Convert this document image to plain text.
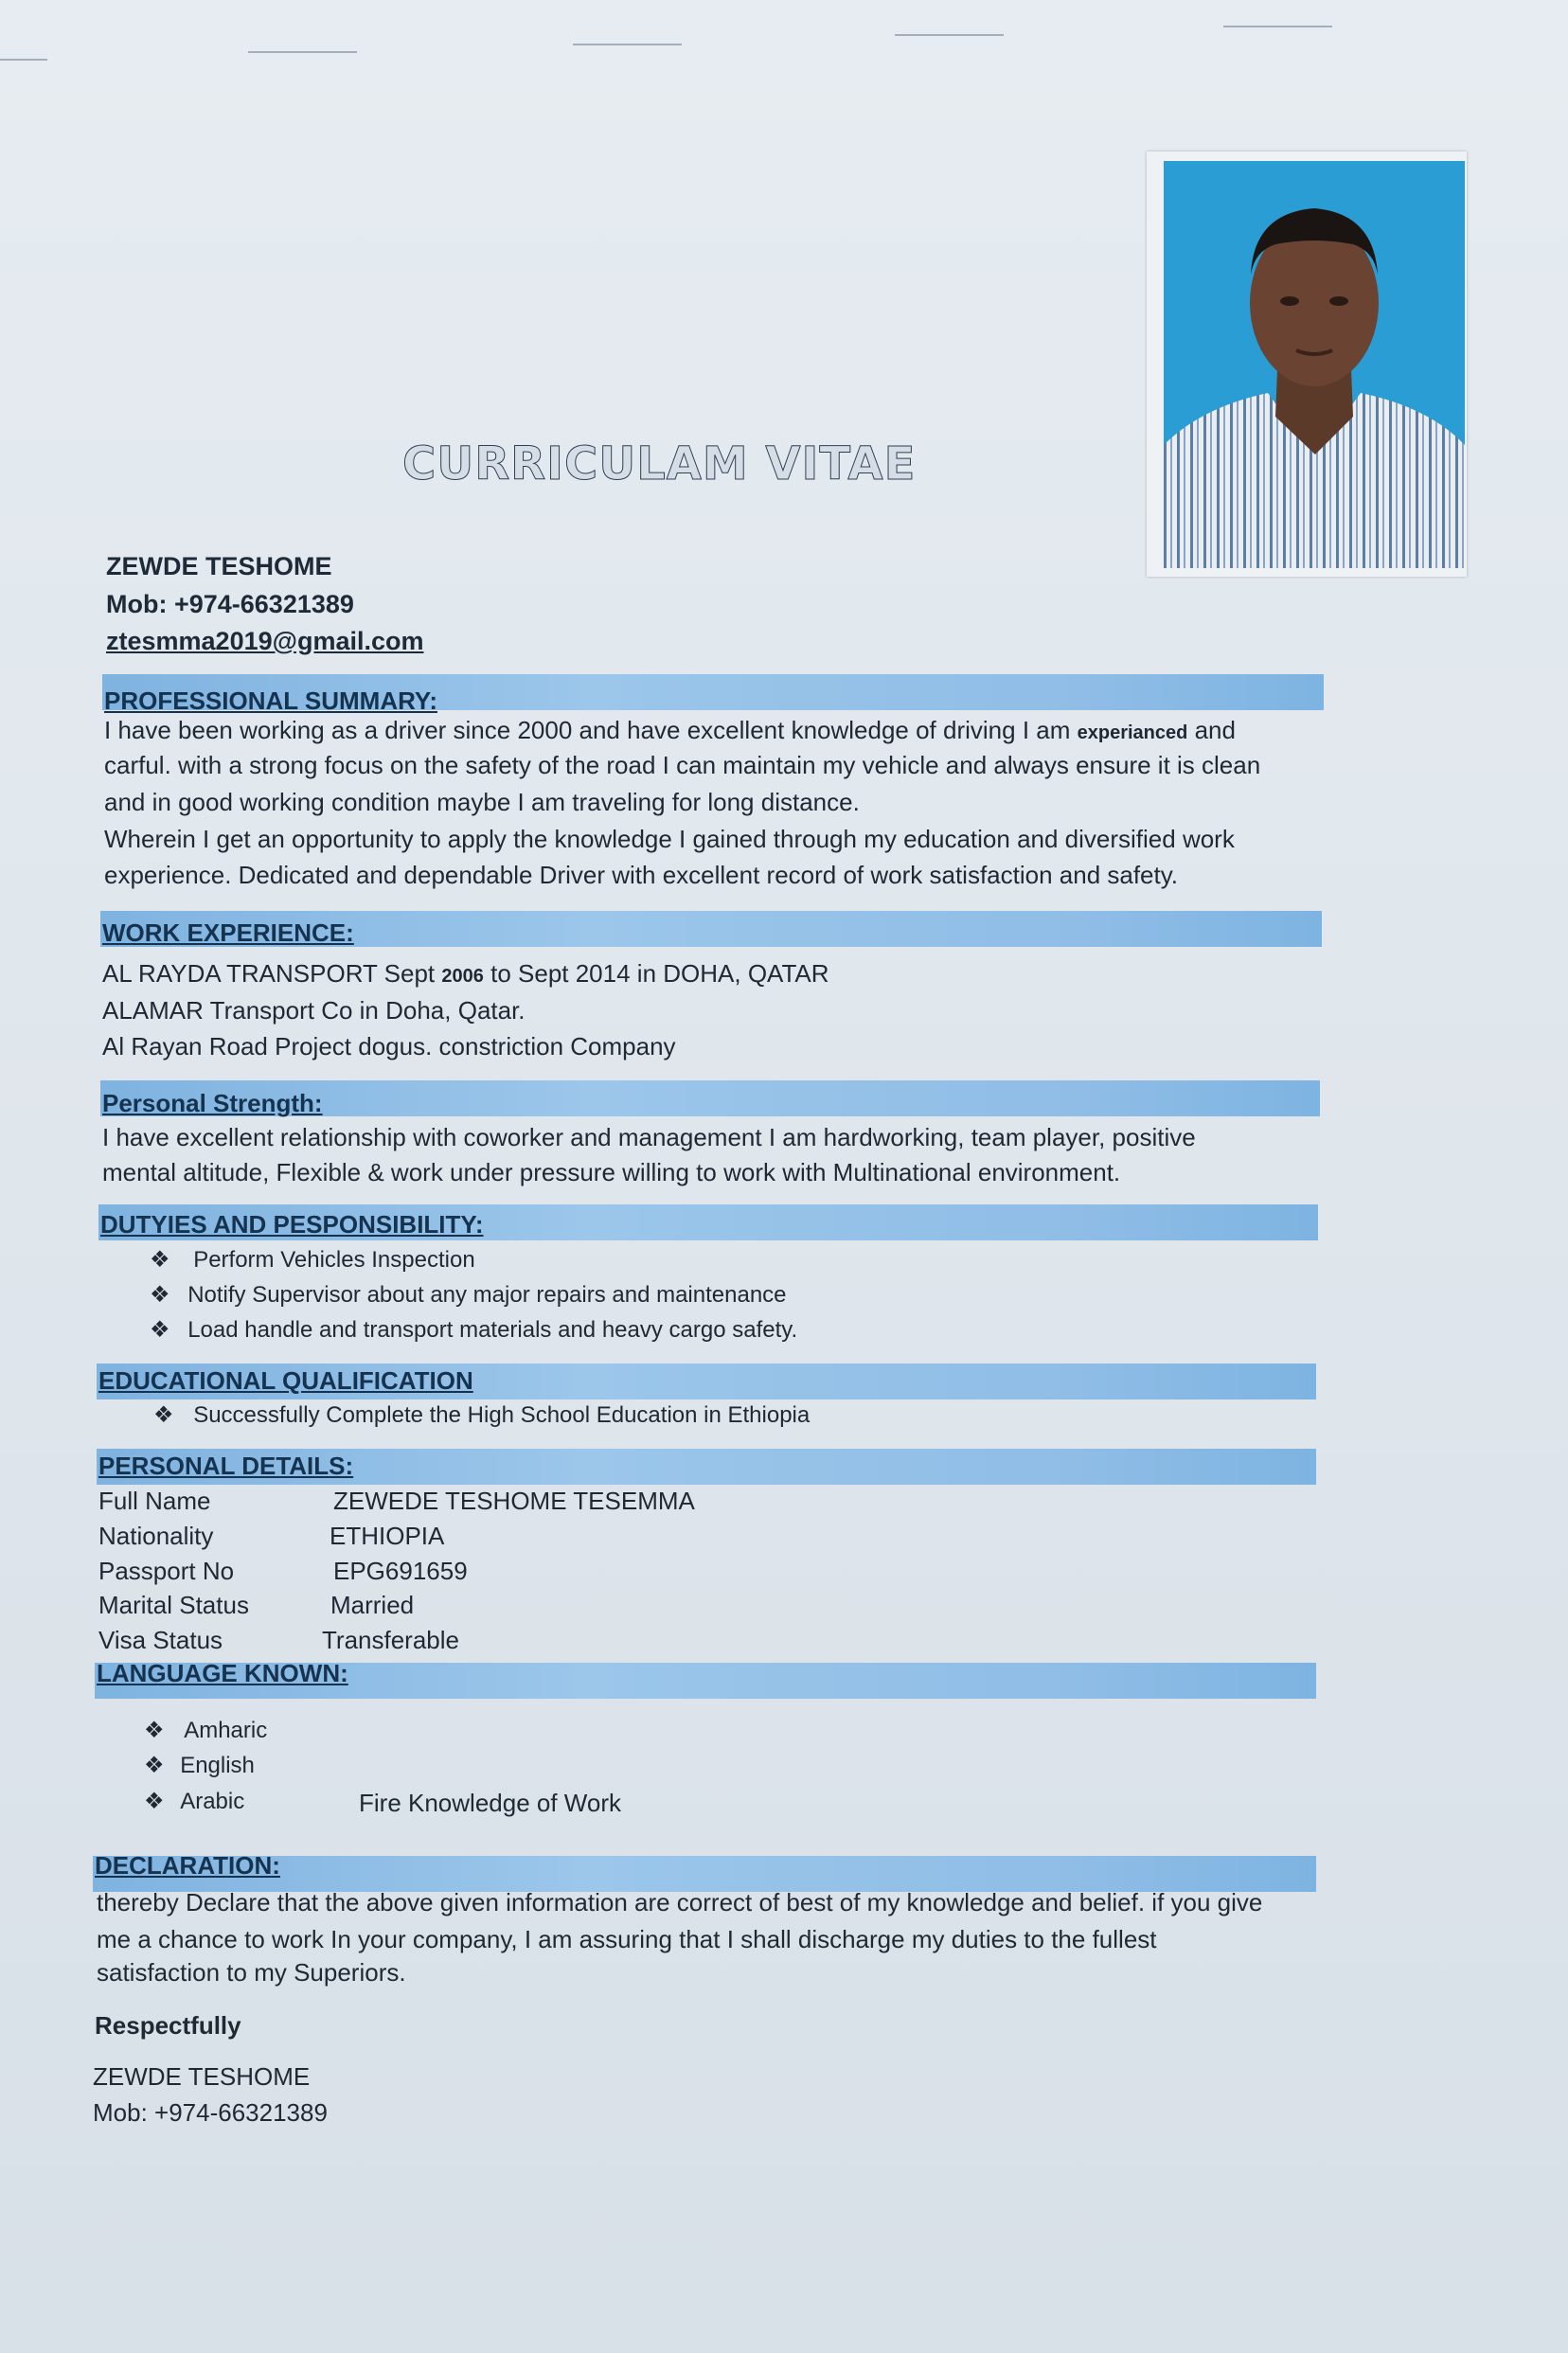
CURRICULAM VITAE
ZEWDE TESHOME
Mob: +974-66321389
ztesmma2019@gmail.com
PROFESSIONAL SUMMARY:
I have been working as a driver since 2000 and have excellent knowledge of driving I am experianced and
carful. with a strong focus on the safety of the road I can maintain my vehicle and always ensure it is clean
and in good working condition maybe I am traveling for long distance.
Wherein I get an opportunity to apply the knowledge I gained through my education and diversified work
experience. Dedicated and dependable Driver with excellent record of work satisfaction and safety.
WORK EXPERIENCE:
AL RAYDA TRANSPORT Sept 2006 to Sept 2014 in DOHA, QATAR
ALAMAR Transport Co in Doha, Qatar.
Al Rayan Road Project dogus. constriction Company
Personal Strength:
I have excellent relationship with coworker and management I am hardworking, team player, positive
mental altitude, Flexible & work under pressure willing to work with Multinational environment.
DUTYIES AND PESPONSIBILITY:
❖ Perform Vehicles Inspection
❖ Notify Supervisor about any major repairs and maintenance
❖ Load handle and transport materials and heavy cargo safety.
EDUCATIONAL QUALIFICATION
❖ Successfully Complete the High School Education in Ethiopia
PERSONAL DETAILS:
Full Name	ZEWEDE TESHOME TESEMMA
Nationality	ETHIOPIA
Passport No	EPG691659
Marital Status	Married
Visa Status	Transferable
LANGUAGE KNOWN:
❖ Amharic
❖ English
❖ Arabic	Fire Knowledge of Work
DECLARATION:
thereby Declare that the above given information are correct of best of my knowledge and belief. if you give
me a chance to work In your company, I am assuring that I shall discharge my duties to the fullest
satisfaction to my Superiors.
Respectfully
ZEWDE TESHOME
Mob: +974-66321389
